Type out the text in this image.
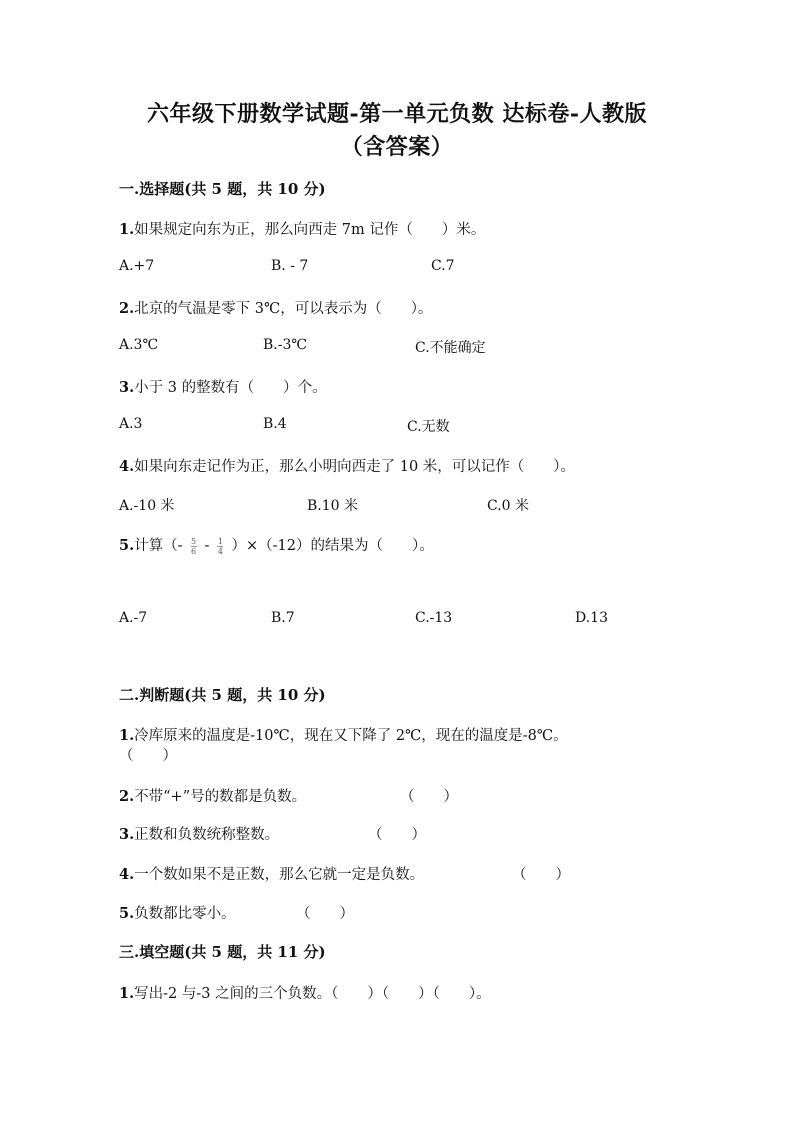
六年级下册数学试题-第一单元负数 达标卷-人教版
（含答案）
一.选择题(共 5 题，共 10 分)
1.如果规定向东为正，那么向西走 7m 记作（　　）米。
A.+7	B. - 7	C.7
2.北京的气温是零下 3℃，可以表示为（　　）。
A.3℃	B.-3℃	C.不能确定
3.小于 3 的整数有（　　）个。
A.3	B.4	C.无数
4.如果向东走记作为正，那么小明向西走了 10 米，可以记作（　　）。
A.-10 米	B.10 米	C.0 米
5.计算（- $\frac{5}{6} - \frac{1}{4} )\times(-12)$的结果为（　　）。
A.-7	B.7	C.-13	D.13
二.判断题(共 5 题，共 10 分)
1.冷库原来的温度是-10℃，现在又下降了 2℃，现在的温度是-8℃。
（　　）
2.不带“+”号的数都是负数。	（　　）
3.正数和负数统称整数。	（　　）
4.一个数如果不是正数，那么它就一定是负数。	（　　）
5.负数都比零小。	（　　）
三.填空题(共 5 题，共 11 分)
1.写出-2 与-3 之间的三个负数。（　　）（　　）（　　）。
